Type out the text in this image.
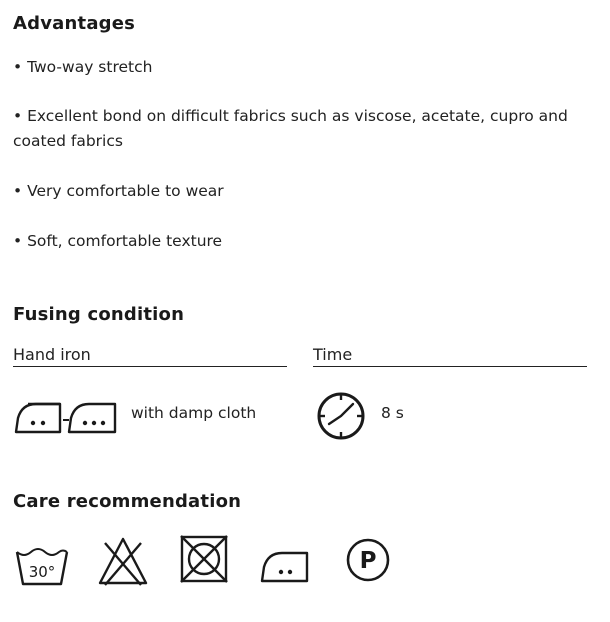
Advantages
• Two-way stretch
• Excellent bond on difficult fabrics such as viscose, acetate, cupro and coated fabrics
• Very comfortable to wear
• Soft, comfortable texture
Fusing condition
Hand iron	Time
with damp cloth	8 s
Care recommendation
30°	P
